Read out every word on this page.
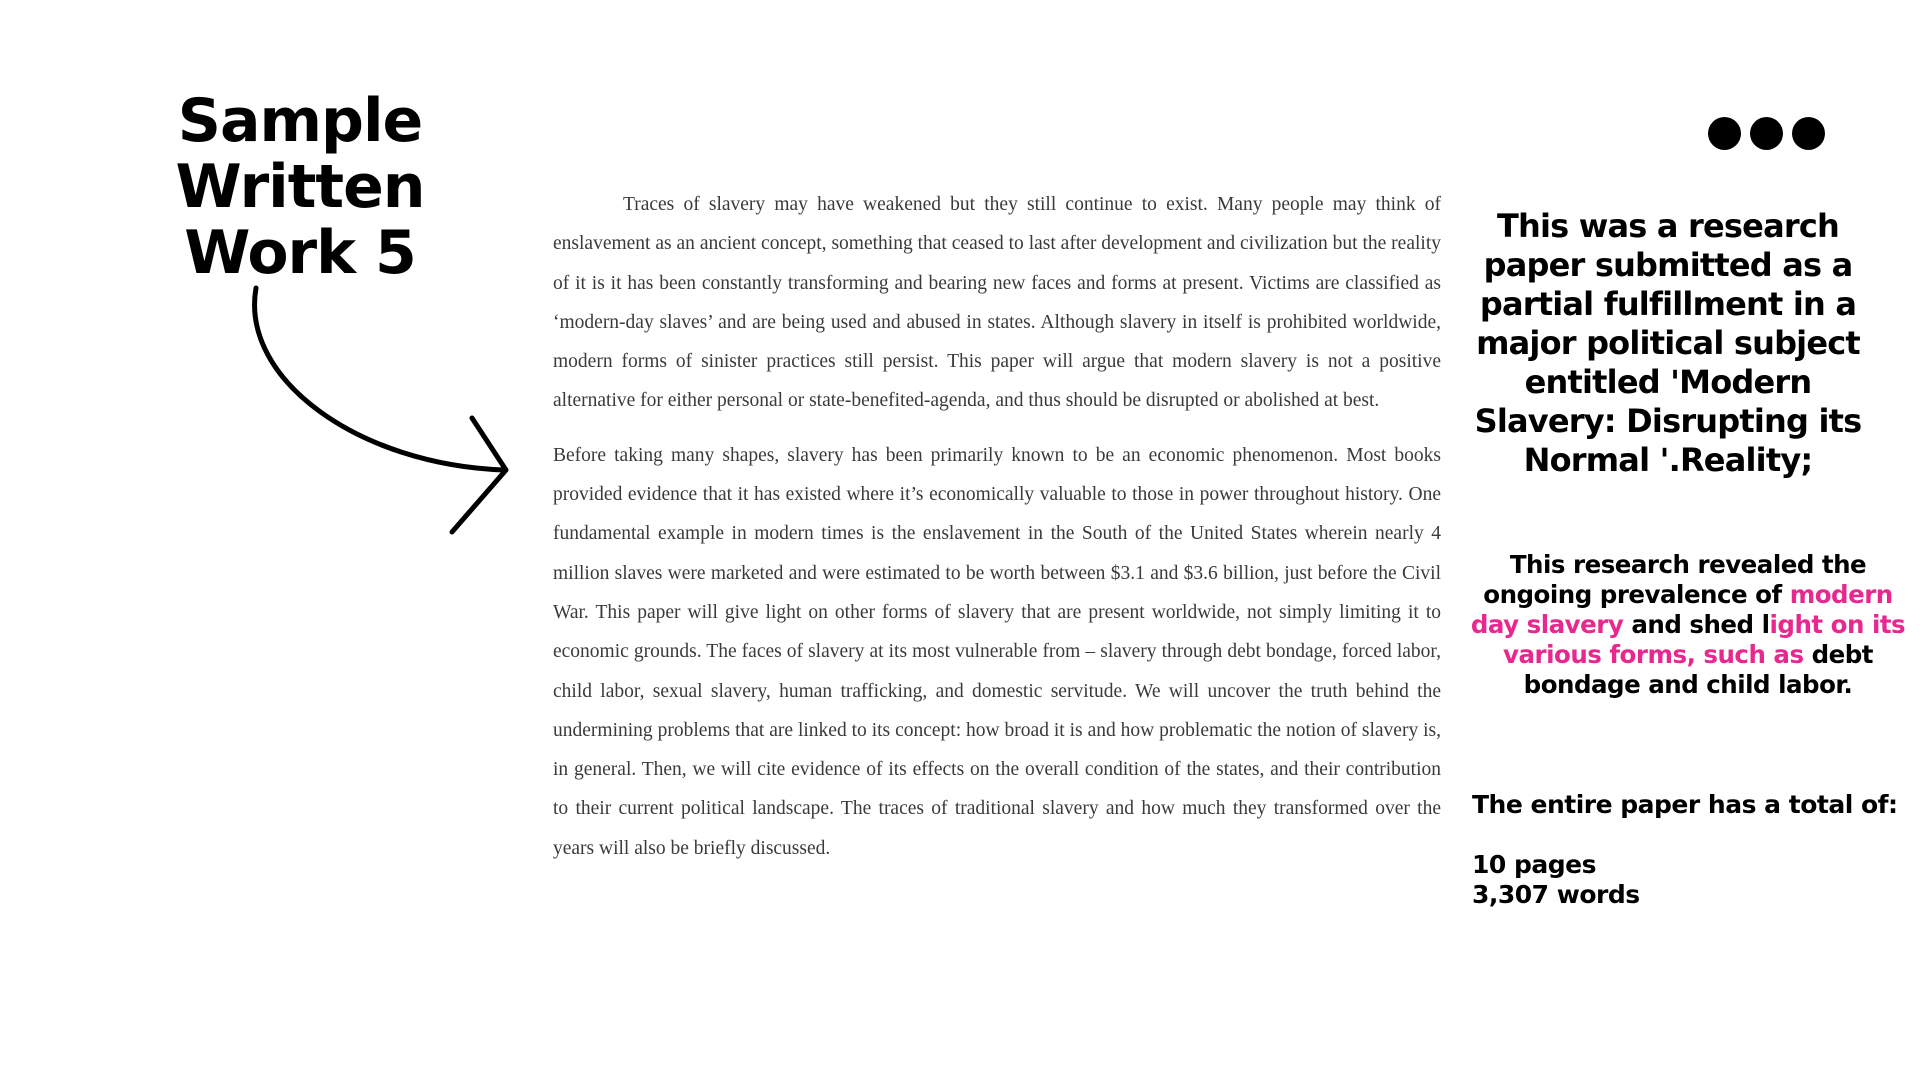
Sample Written
Work 5

Traces of slavery may have weakened but they still continue to exist. Many people may think of enslavement as an ancient concept, something that ceased to last after development and civilization but the reality of it is it has been constantly transforming and bearing new faces and forms at present. Victims are classified as ‘modern-day slaves’ and are being used and abused in states. Although slavery in itself is prohibited worldwide, modern forms of sinister practices still persist. This paper will argue that modern slavery is not a positive alternative for either personal or state-benefited-agenda, and thus should be disrupted or abolished at best.

Before taking many shapes, slavery has been primarily known to be an economic phenomenon. Most books provided evidence that it has existed where it’s economically valuable to those in power throughout history. One fundamental example in modern times is the enslavement in the South of the United States wherein nearly 4 million slaves were marketed and were estimated to be worth between $3.1 and $3.6 billion, just before the Civil War. This paper will give light on other forms of slavery that are present worldwide, not simply limiting it to economic grounds. The faces of slavery at its most vulnerable from – slavery through debt bondage, forced labor, child labor, sexual slavery, human trafficking, and domestic servitude. We will uncover the truth behind the undermining problems that are linked to its concept: how broad it is and how problematic the notion of slavery is, in general. Then, we will cite evidence of its effects on the overall condition of the states, and their contribution to their current political landscape. The traces of traditional slavery and how much they transformed over the years will also be briefly discussed.

This was a research paper submitted as a partial fulfillment in a major political subject entitled 'Modern Slavery: Disrupting its Normal '.Reality;
This research revealed the ongoing prevalence of modern day slavery and shed light on its various forms, such as debt bondage and child labor.
The entire paper has a total of:
10 pages
3,307 words
